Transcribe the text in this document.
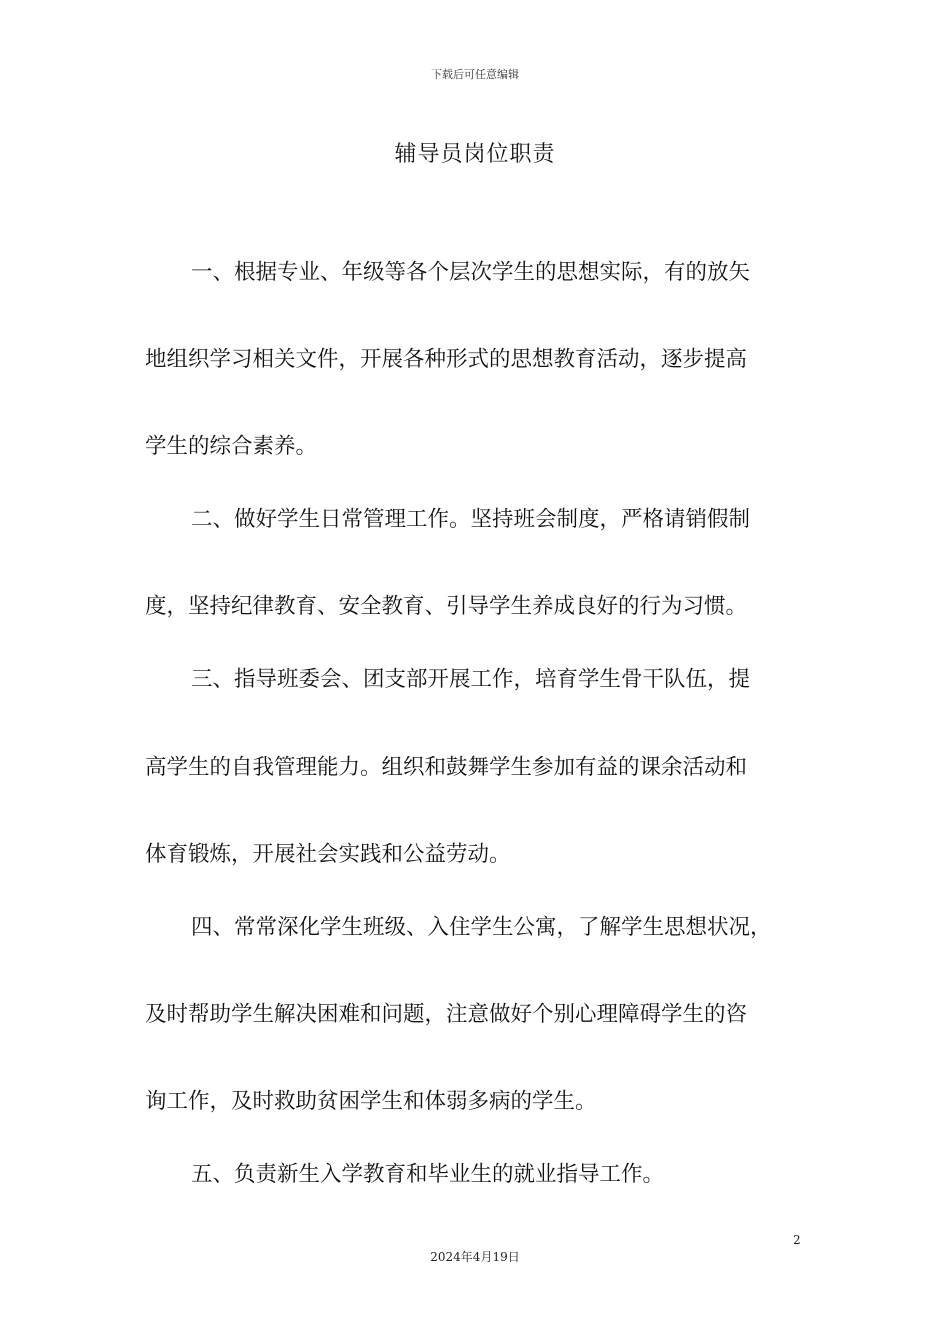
下载后可任意编辑
辅导员岗位职责
一、根据专业、年级等各个层次学生的思想实际，有的放矢
地组织学习相关文件，开展各种形式的思想教育活动，逐步提高
学生的综合素养。
二、做好学生日常管理工作。坚持班会制度，严格请销假制
度，坚持纪律教育、安全教育、引导学生养成良好的行为习惯。
三、指导班委会、团支部开展工作，培育学生骨干队伍，提
高学生的自我管理能力。组织和鼓舞学生参加有益的课余活动和
体育锻炼，开展社会实践和公益劳动。
四、常常深化学生班级、入住学生公寓，了解学生思想状况，
及时帮助学生解决困难和问题，注意做好个别心理障碍学生的咨
询工作，及时救助贫困学生和体弱多病的学生。
五、负责新生入学教育和毕业生的就业指导工作。
2
2024年4月19日
